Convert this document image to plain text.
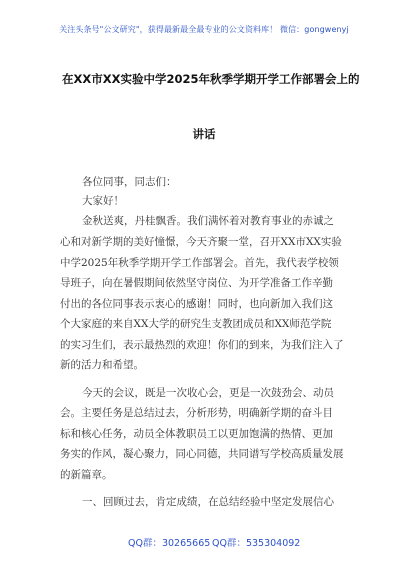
关注头条号"公文研究"，获得最新最全最专业的公文资料库！ 微信：gongwenyj
在XX市XX实验中学2025年秋季学期开学工作部署会上的
讲话
各位同事，同志们：
大家好！
金秋送爽，丹桂飘香。我们满怀着对教育事业的赤诚之
心和对新学期的美好憧憬，今天齐聚一堂，召开XX市XX实验
中学2025年秋季学期开学工作部署会。首先，我代表学校领
导班子，向在暑假期间依然坚守岗位、为开学准备工作辛勤
付出的各位同事表示衷心的感谢！同时，也向新加入我们这
个大家庭的来自XX大学的研究生支教团成员和XX师范学院
的实习生们，表示最热烈的欢迎！你们的到来，为我们注入了
新的活力和希望。
今天的会议，既是一次收心会，更是一次鼓劲会、动员
会。主要任务是总结过去，分析形势，明确新学期的奋斗目
标和核心任务，动员全体教职员工以更加饱满的热情、更加
务实的作风，凝心聚力，同心同德，共同谱写学校高质量发展
的新篇章。
一、回顾过去，肯定成绩，在总结经验中坚定发展信心
QQ群：30265665 QQ群：535304092
